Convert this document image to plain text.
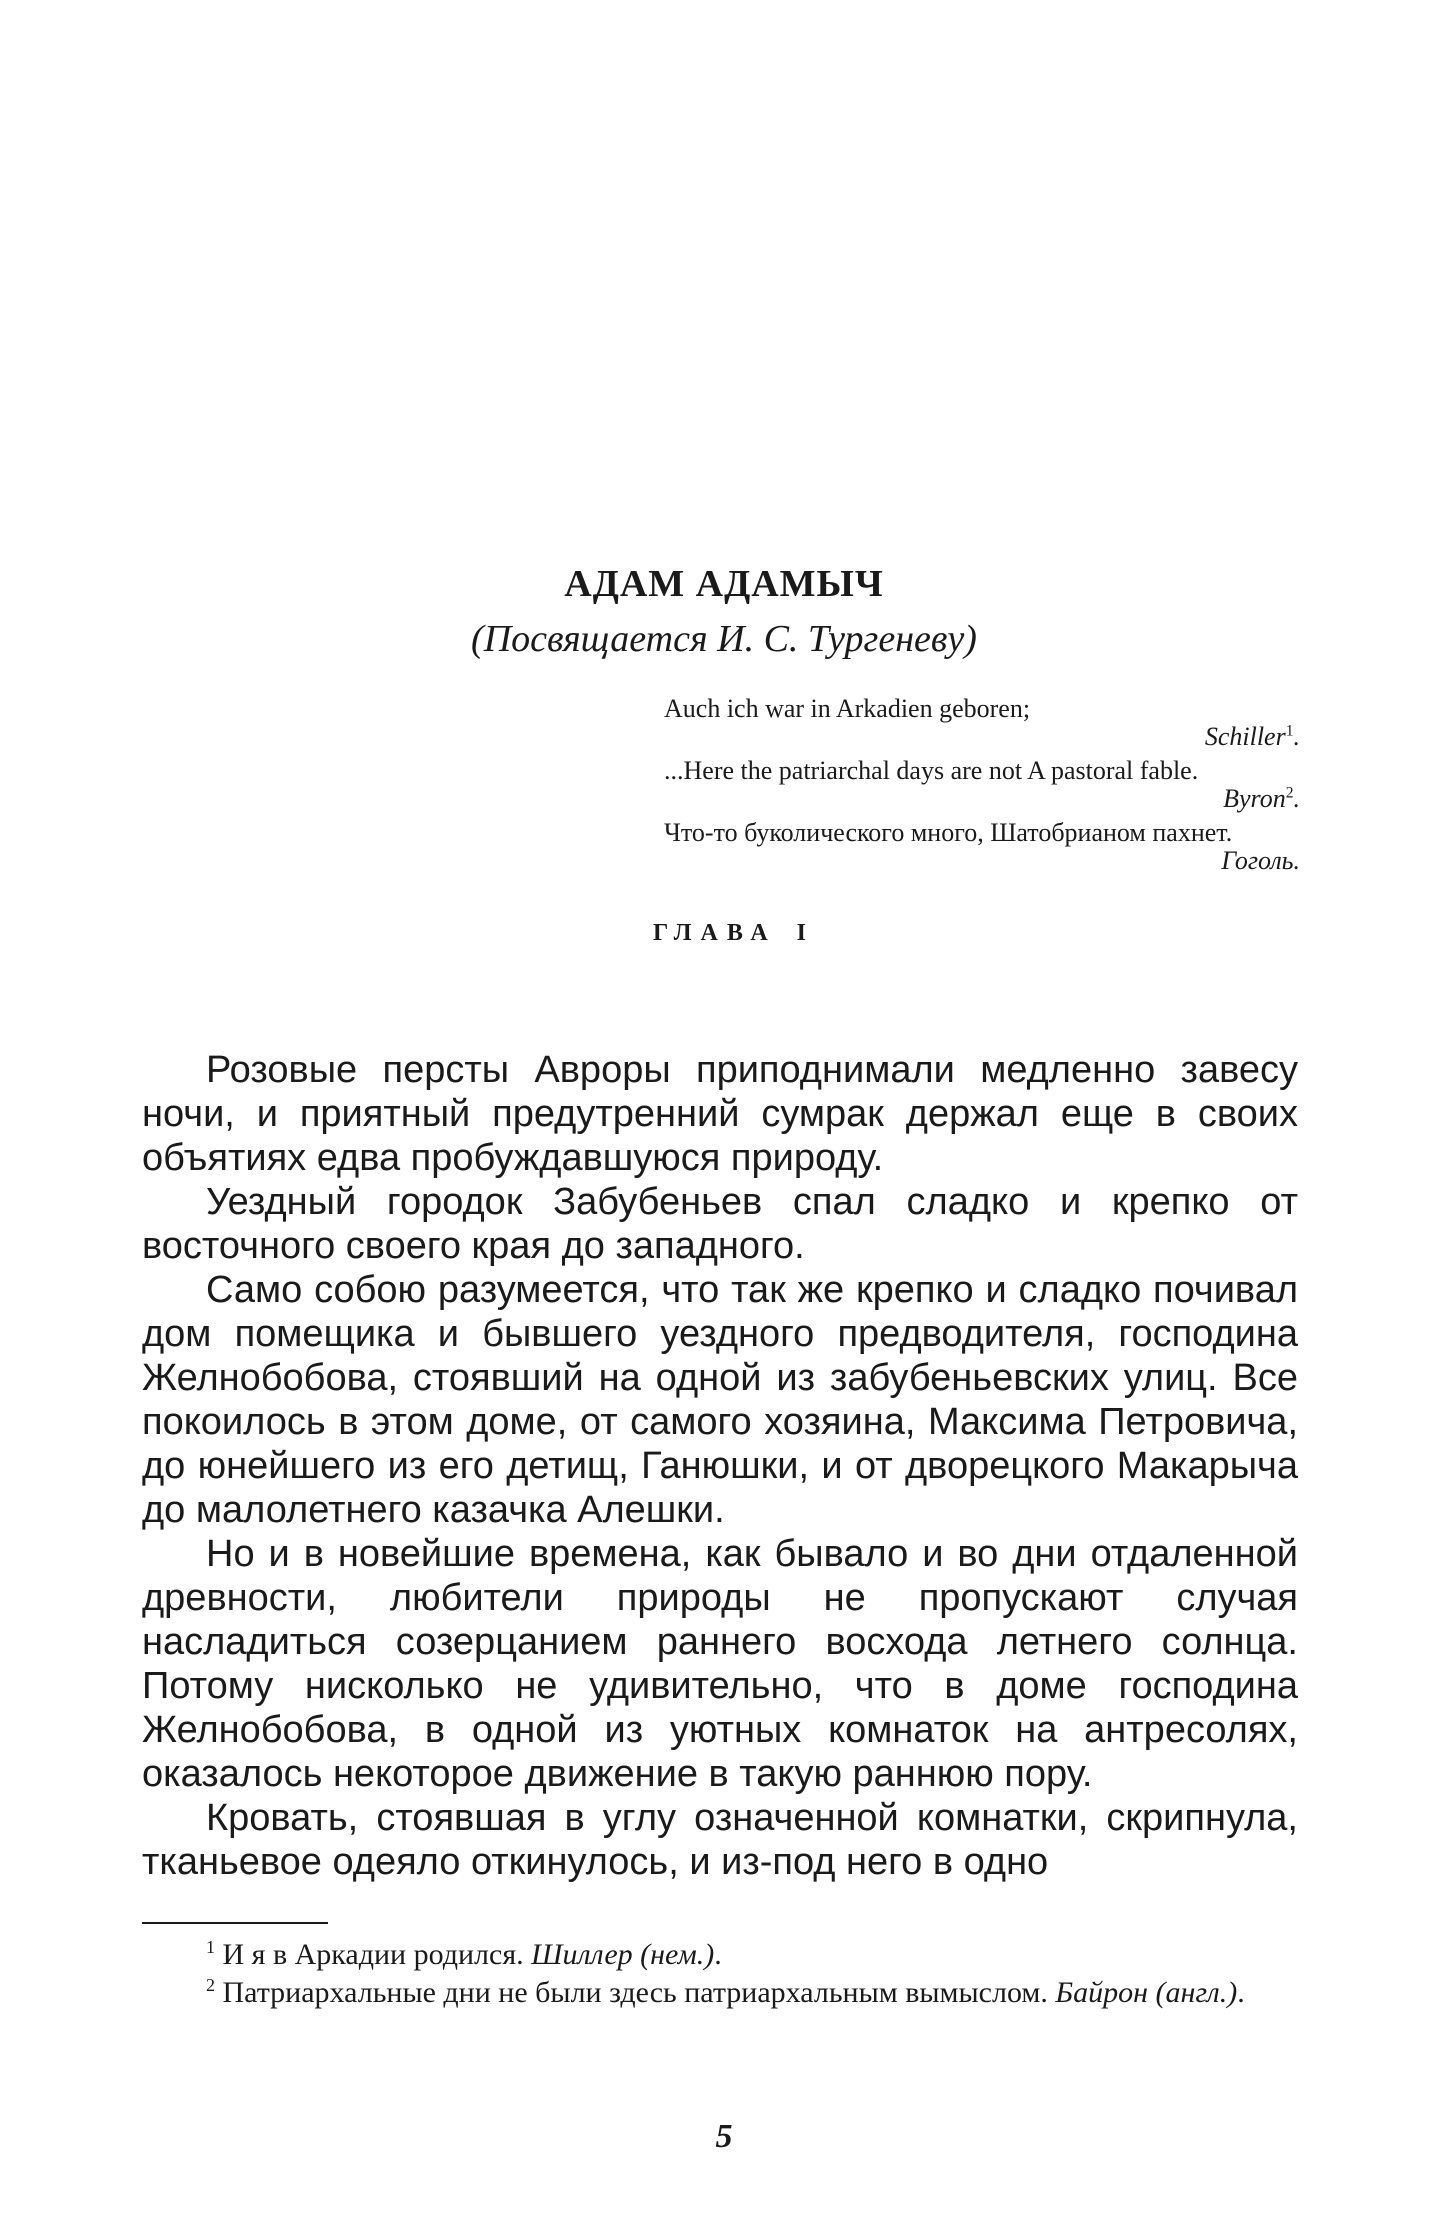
АДАМ АДАМЫЧ
(Посвящается И. С. Тургеневу)

Auch ich war in Arkadien geboren;

Schiller$^1$.

...Here the patriarchal days are not A pastoral fable.

Byron$^2$.

Что-то буколического много, Шатобрианом пахнет.

Гоголь.

ГЛАВА I

Розовые персты Авроры приподнимали медленно завесу ночи, и приятный предутренний сумрак держал еще в своих объятиях едва пробуждавшуюся природу.

Уездный городок Забубеньев спал сладко и крепко от восточного своего края до западного.

Само собою разумеется, что так же крепко и сладко почивал дом помещика и бывшего уездного предводителя, господина Желнобобова, стоявший на одной из забубеньевских улиц. Все покоилось в этом доме, от самого хозяина, Максима Петровича, до юнейшего из его детищ, Ганюшки, и от дворецкого Макарыча до малолетнего казачка Алешки.

Но и в новейшие времена, как бывало и во дни отдаленной древности, любители природы не пропускают случая насладиться созерцанием раннего восхода летнего солнца. Потому нисколько не удивительно, что в доме господина Желнобобова, в одной из уютных комнаток на антресолях, оказалось некоторое движение в такую раннюю пору.

Кровать, стоявшая в углу означенной комнатки, скрипнула, тканьевое одеяло откинулось, и из-под него в одно

$^1$ И я в Аркадии родился. Шиллер (нем.).

$^2$ Патриархальные дни не были здесь патриархальным вымыслом. Байрон (англ.).

5
